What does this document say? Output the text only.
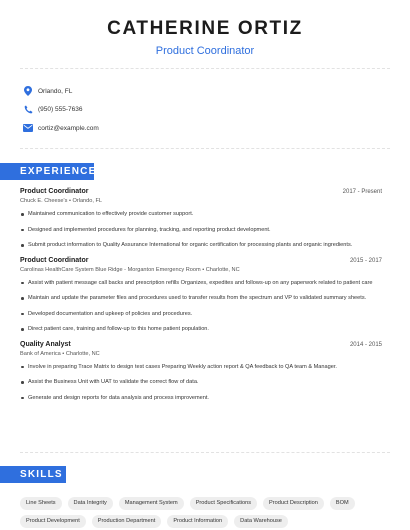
CATHERINE ORTIZ
Product Coordinator
Orlando, FL
(950) 555-7636
cortiz@example.com
EXPERIENCE
Product Coordinator	2017 - Present
Chuck E. Cheese's • Orlando, FL
Maintained communication to effectively provide customer support.
Designed and implemented procedures for planning, tracking, and reporting product development.
Submit product information to Quality Assurance International for organic certification for processing plants and organic ingredients.
Product Coordinator	2015 - 2017
Carolinas HealthCare System Blue Ridge - Morganton Emergency Room • Charlotte, NC
Assist with patient message call backs and prescription refills Organizes, expedites and follows-up on any paperwork related to patient care
Maintain and update the parameter files and procedures used to transfer results from the spectrum and VP to validated summary sheets.
Developed documentation and upkeep of policies and procedures.
Direct patient care, training and follow-up to this home patient population.
Quality Analyst	2014 - 2015
Bank of America • Charlotte, NC
Involve in preparing Trace Matrix to design test cases Preparing Weekly action report & QA feedback to QA team & Manager.
Assist the Business Unit with UAT to validate the correct flow of data.
Generate and design reports for data analysis and process improvement.
SKILLS
Line Sheets	Data Integrity	Management System	Product Specifications	Product Description	BOM
Product Development	Production Department	Product Information	Data Warehouse
